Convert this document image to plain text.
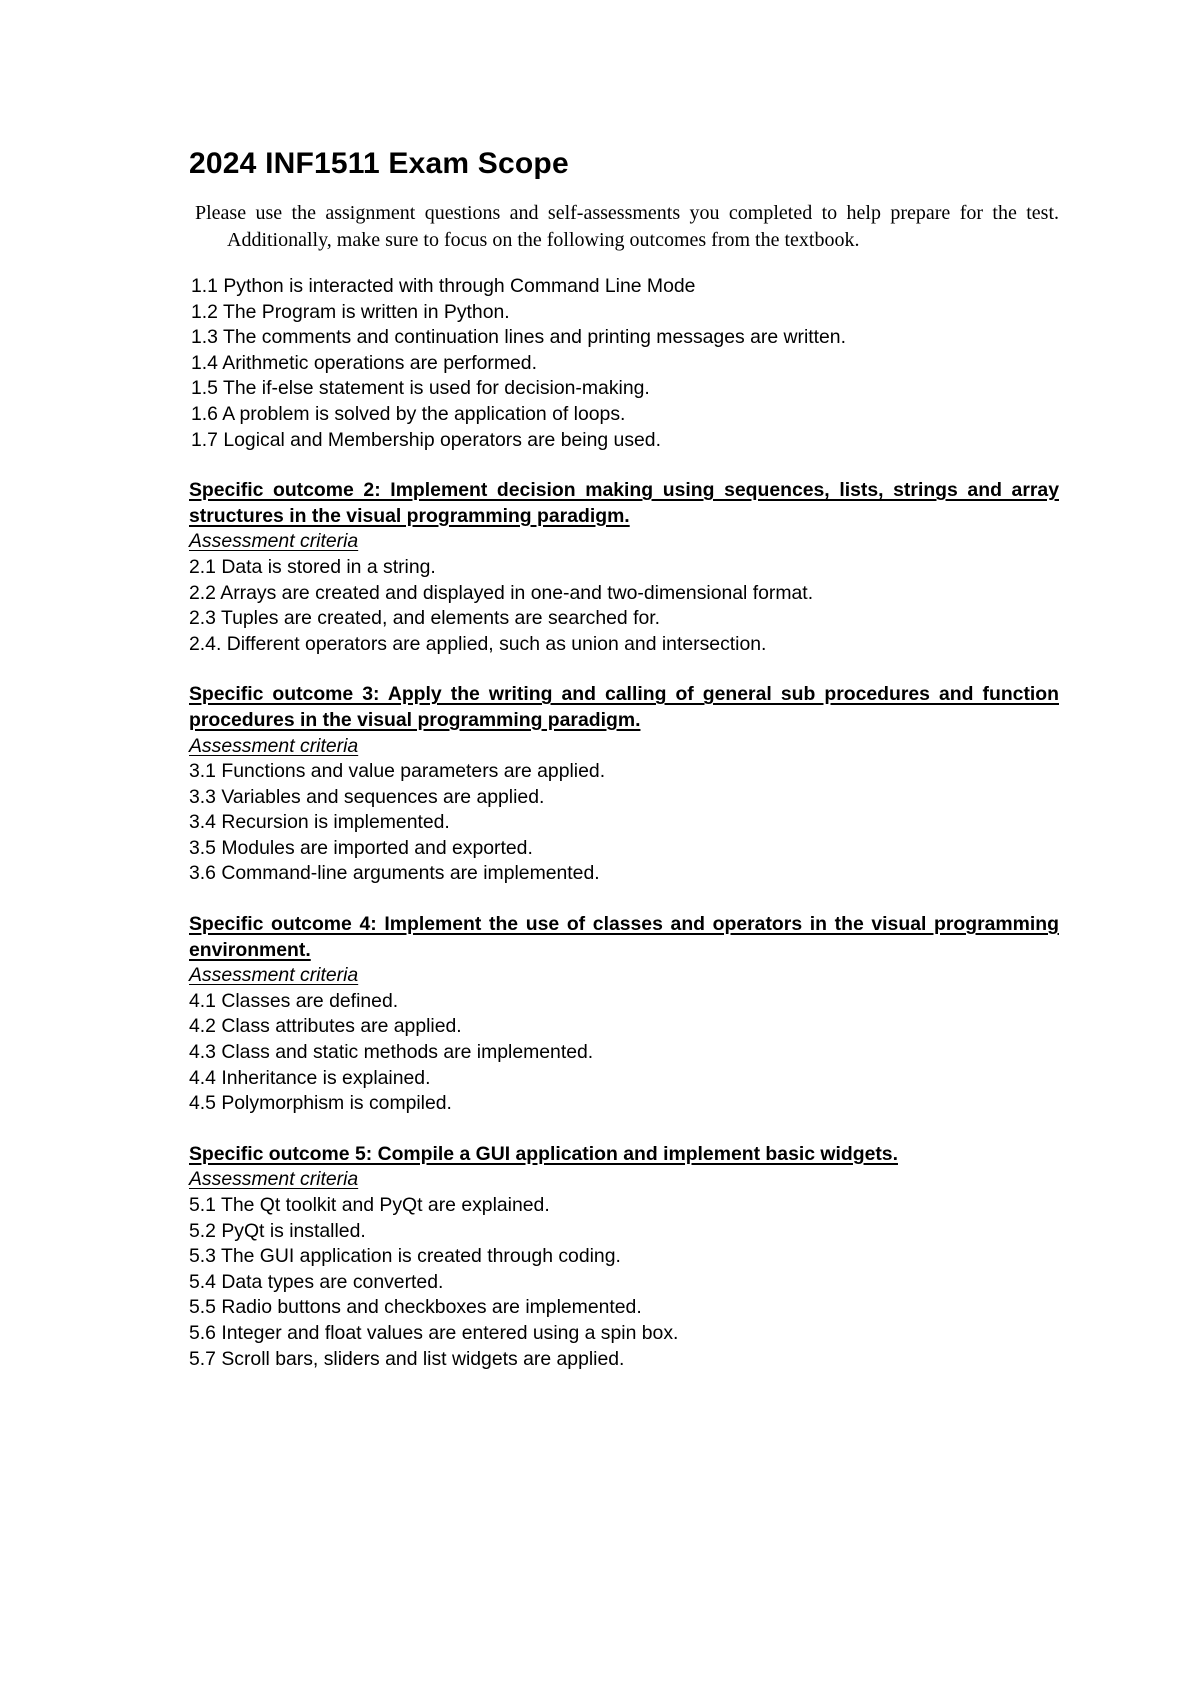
2024 INF1511 Exam Scope

Please use the assignment questions and self-assessments you completed to help prepare for the test. Additionally, make sure to focus on the following outcomes from the textbook.

1.1 Python is interacted with through Command Line Mode
1.2 The Program is written in Python.
1.3 The comments and continuation lines and printing messages are written.
1.4 Arithmetic operations are performed.
1.5 The if-else statement is used for decision-making.
1.6 A problem is solved by the application of loops.
1.7 Logical and Membership operators are being used.

Specific outcome 2: Implement decision making using sequences, lists, strings and array structures in the visual programming paradigm.

Assessment criteria

2.1 Data is stored in a string.
2.2 Arrays are created and displayed in one-and two-dimensional format.
2.3 Tuples are created, and elements are searched for.
2.4. Different operators are applied, such as union and intersection.

Specific outcome 3: Apply the writing and calling of general sub procedures and function procedures in the visual programming paradigm.

Assessment criteria

3.1 Functions and value parameters are applied.
3.3 Variables and sequences are applied.
3.4 Recursion is implemented.
3.5 Modules are imported and exported.
3.6 Command-line arguments are implemented.

Specific outcome 4: Implement the use of classes and operators in the visual programming environment.

Assessment criteria

4.1 Classes are defined.
4.2 Class attributes are applied.
4.3 Class and static methods are implemented.
4.4 Inheritance is explained.
4.5 Polymorphism is compiled.

Specific outcome 5: Compile a GUI application and implement basic widgets.

Assessment criteria

5.1 The Qt toolkit and PyQt are explained.
5.2 PyQt is installed.
5.3 The GUI application is created through coding.
5.4 Data types are converted.
5.5 Radio buttons and checkboxes are implemented.
5.6 Integer and float values are entered using a spin box.
5.7 Scroll bars, sliders and list widgets are applied.
